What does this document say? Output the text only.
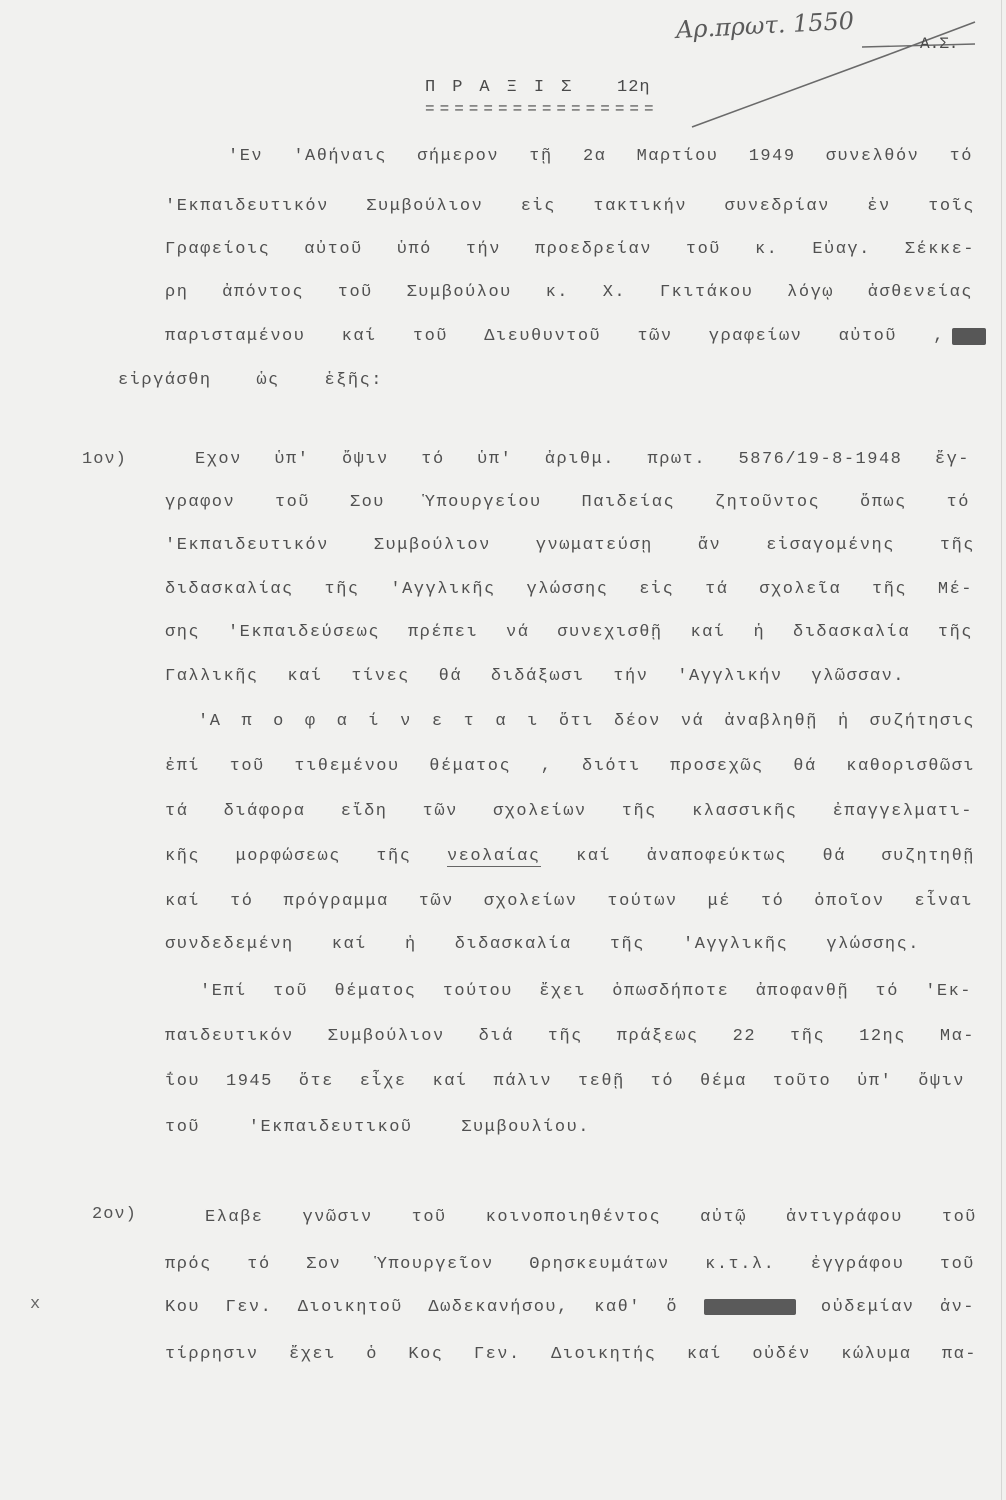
Αρ.πρωτ. 1550
Α.Σ.
Π Ρ Α Ξ Ι Σ 12η
================
'Εν 'Αθήναις σήμερον τῇ 2α Μαρτίου 1949 συνελθόν τό
'Εκπαιδευτικόν Συμβούλιον εἰς τακτικήν συνεδρίαν ἐν τοῖς
Γραφείοις αὐτοῦ ὑπό τήν προεδρείαν τοῦ κ. Εὐαγ. Σέκκε-
ρη ἀπόντος τοῦ Συμβούλου κ. Χ. Γκιτάκου λόγῳ ἀσθενείας
παρισταμένου καί τοῦ Διευθυντοῦ τῶν γραφείων αὐτοῦ ,
εἰργάσθη ὡς ἑξῆς:
1ον)	Ἔχον ὑπ' ὄψιν τό ὑπ' ἀριθμ. πρωτ. 5876/19-8-1948 ἔγ-
γραφον τοῦ Σου Ὑπουργείου Παιδείας ζητοῦντος ὅπως τό
'Εκπαιδευτικόν Συμβούλιον γνωματεύσῃ ἄν εἰσαγομένης τῆς
διδασκαλίας τῆς 'Αγγλικῆς γλώσσης εἰς τά σχολεῖα τῆς Μέ-
σης 'Εκπαιδεύσεως πρέπει νά συνεχισθῇ καί ἡ διδασκαλία τῆς
Γαλλικῆς καί τίνες θά διδάξωσι τήν 'Αγγλικήν γλῶσσαν.
'Α π ο φ α ί ν ε τ α ι ὅτι δέον νά ἀναβληθῇ ἡ συζήτησις
ἐπί τοῦ τιθεμένου θέματος , διότι προσεχῶς θά καθορισθῶσι
τά διάφορα εἴδη τῶν σχολείων τῆς κλασσικῆς ἐπαγγελματι-
κῆς μορφώσεως τῆς νεολαίας καί ἀναποφεύκτως θά συζητηθῇ
καί τό πρόγραμμα τῶν σχολείων τούτων μέ τό ὁποῖον εἶναι
συνδεδεμένη καί ἡ διδασκαλία τῆς 'Αγγλικῆς γλώσσης.
'Επί τοῦ θέματος τούτου ἔχει ὁπωσδήποτε ἀποφανθῇ τό 'Εκ-
παιδευτικόν Συμβούλιον διά τῆς πράξεως 22 τῆς 12ης Μα-
ΐου 1945 ὅτε εἶχε καί πάλιν τεθῇ τό θέμα τοῦτο ὑπ' ὄψιν
τοῦ 'Εκπαιδευτικοῦ Συμβουλίου.
2ον)	Ἔλαβε γνῶσιν τοῦ κοινοποιηθέντος αὐτῷ ἀντιγράφου τοῦ
πρός τό Σον Ὑπουργεῖον Θρησκευμάτων κ.τ.λ. ἐγγράφου τοῦ
x	Κου Γεν. Διοικητοῦ Δωδεκανήσου, καθ' ὅ	οὐδεμίαν ἀν-
τίρρησιν ἔχει ὁ Κος Γεν. Διοικητής καί οὐδέν κώλυμα πα-
